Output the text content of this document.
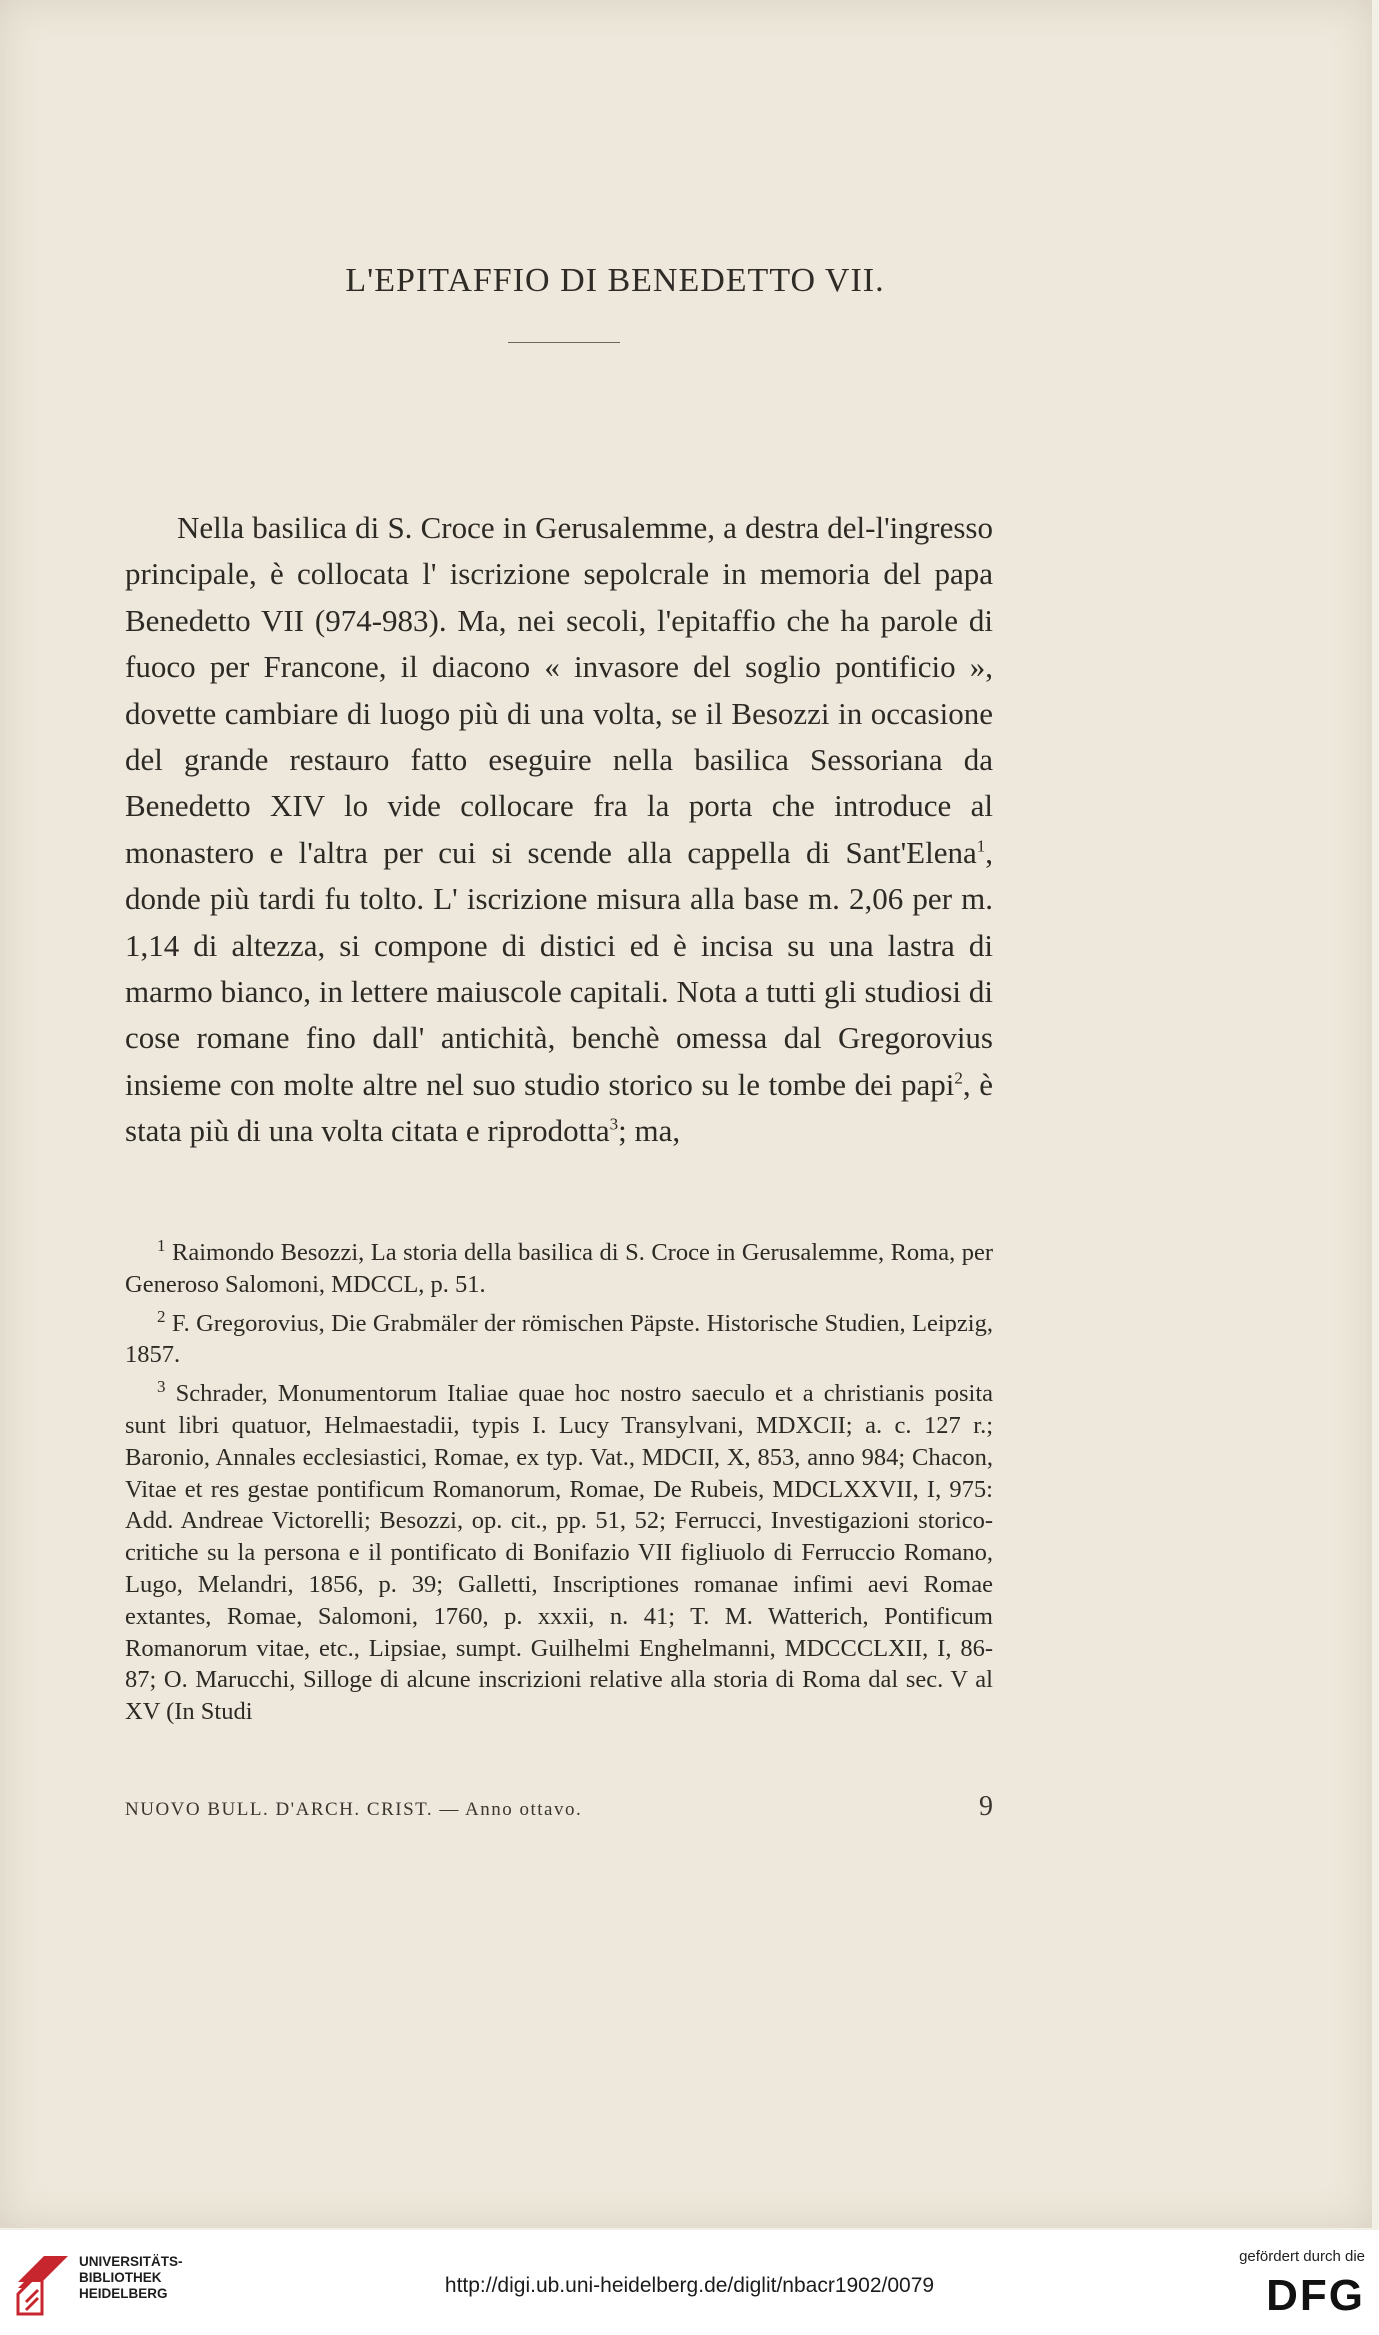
L'EPITAFFIO DI BENEDETTO VII.

Nella basilica di S. Croce in Gerusalemme, a destra del-l'ingresso principale, è collocata l' iscrizione sepolcrale in memoria del papa Benedetto VII (974-983). Ma, nei secoli, l'epitaffio che ha parole di fuoco per Francone, il diacono « invasore del soglio pontificio », dovette cambiare di luogo più di una volta, se il Besozzi in occasione del grande restauro fatto eseguire nella basilica Sessoriana da Benedetto XIV lo vide collocare fra la porta che introduce al monastero e l'altra per cui si scende alla cappella di Sant'Elena$^1$, donde più tardi fu tolto. L' iscrizione misura alla base m. 2,06 per m. 1,14 di altezza, si compone di distici ed è incisa su una lastra di marmo bianco, in lettere maiuscole capitali. Nota a tutti gli studiosi di cose romane fino dall' antichità, benchè omessa dal Gregorovius insieme con molte altre nel suo studio storico su le tombe dei papi$^2$, è stata più di una volta citata e riprodotta$^3$; ma,

$^1$ Raimondo Besozzi, La storia della basilica di S. Croce in Gerusalemme, Roma, per Generoso Salomoni, MDCCL, p. 51.

$^2$ F. Gregorovius, Die Grabmäler der römischen Päpste. Historische Studien, Leipzig, 1857.

$^3$ Schrader, Monumentorum Italiae quae hoc nostro saeculo et a christianis posita sunt libri quatuor, Helmaestadii, typis I. Lucy Transylvani, MDXCII; a. c. 127 r.; Baronio, Annales ecclesiastici, Romae, ex typ. Vat., MDCII, X, 853, anno 984; Chacon, Vitae et res gestae pontificum Romanorum, Romae, De Rubeis, MDCLXXVII, I, 975: Add. Andreae Victorelli; Besozzi, op. cit., pp. 51, 52; Ferrucci, Investigazioni storico-critiche su la persona e il pontificato di Bonifazio VII figliuolo di Ferruccio Romano, Lugo, Melandri, 1856, p. 39; Galletti, Inscriptiones romanae infimi aevi Romae extantes, Romae, Salomoni, 1760, p. xxxii, n. 41; T. M. Watterich, Pontificum Romanorum vitae, etc., Lipsiae, sumpt. Guilhelmi Enghelmanni, MDCCCLXII, I, 86-87; O. Marucchi, Silloge di alcune inscrizioni relative alla storia di Roma dal sec. V al XV (In Studi

NUOVO BULL. D'ARCH. CRIST. — Anno ottavo.	9
UNIVERSITÄTS-
BIBLIOTHEK
HEIDELBERG	http://digi.ub.uni-heidelberg.de/diglit/nbacr1902/0079
gefördert durch die
DFG
